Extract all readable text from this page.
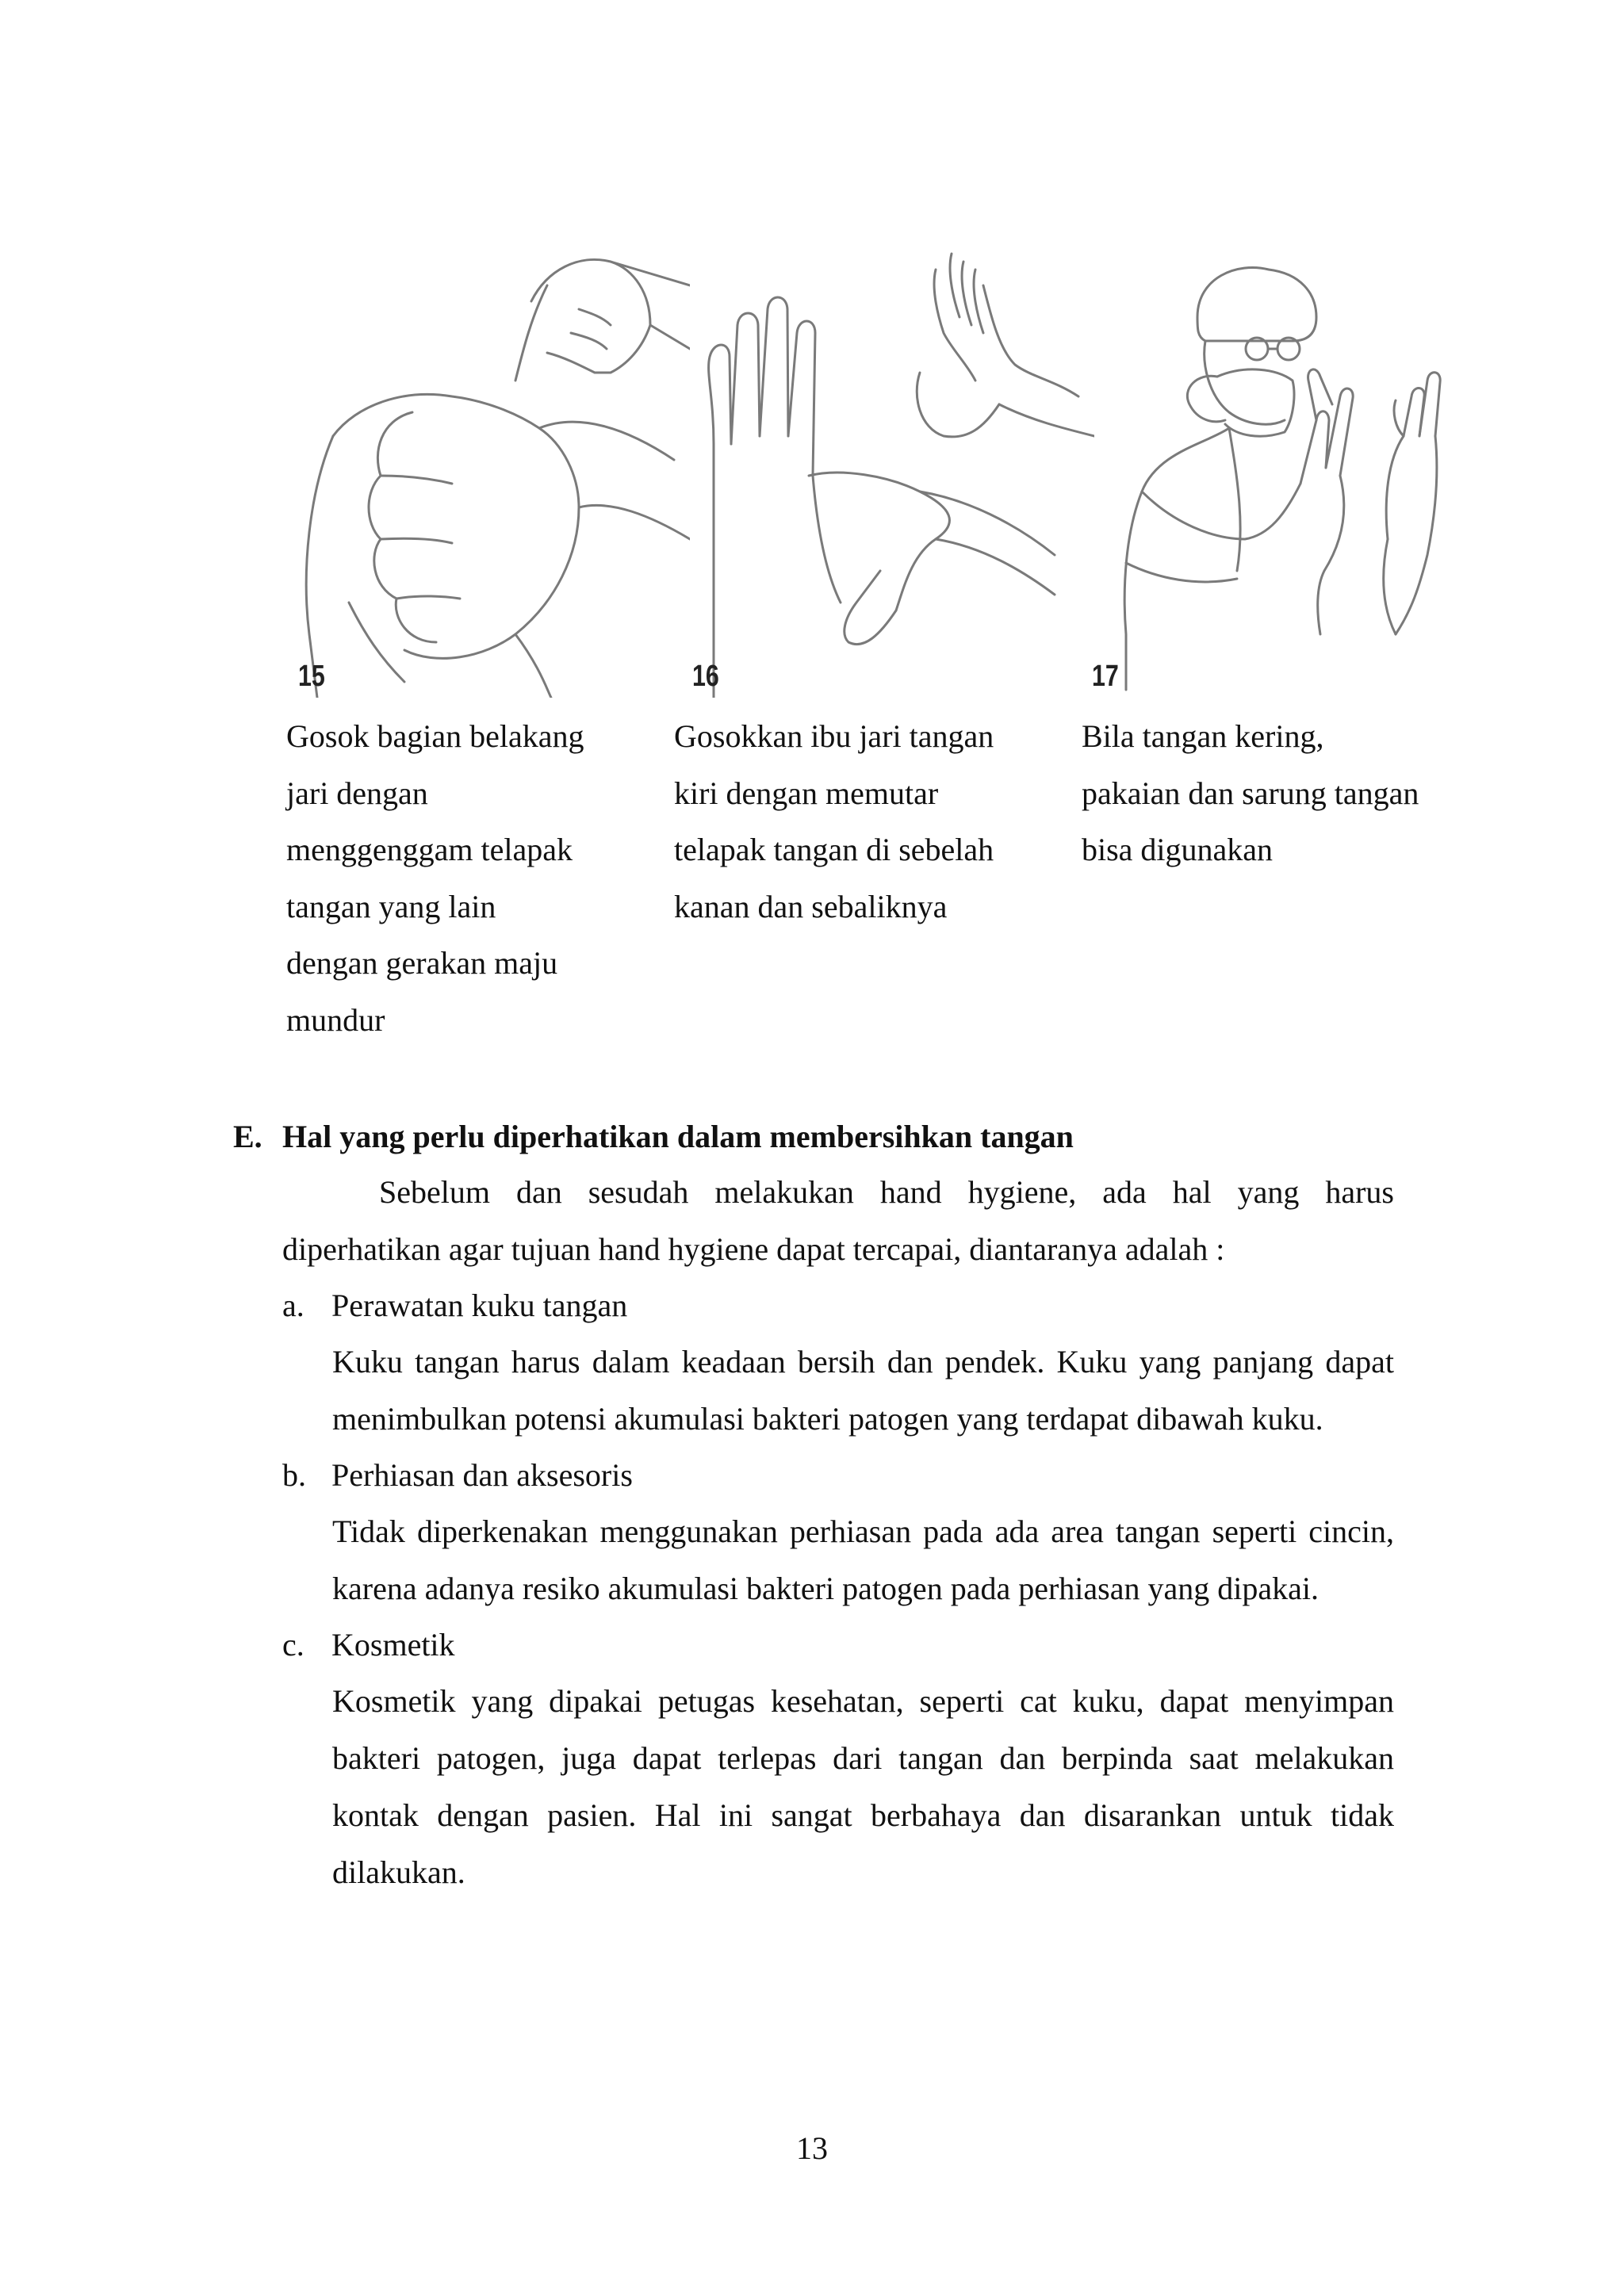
15	16	17
Gosok bagian belakang
jari dengan
menggenggam telapak
tangan yang lain
dengan gerakan maju
mundur
Gosokkan ibu jari tangan
kiri dengan memutar
telapak tangan di sebelah
kanan dan sebaliknya
Bila tangan kering,
pakaian dan sarung tangan
bisa digunakan
E. Hal yang perlu diperhatikan dalam membersihkan tangan
Sebelum dan sesudah melakukan hand hygiene, ada hal yang harus
diperhatikan agar tujuan hand hygiene dapat tercapai, diantaranya adalah :
a. Perawatan kuku tangan
Kuku tangan harus dalam keadaan bersih dan pendek. Kuku yang panjang dapat
menimbulkan potensi akumulasi bakteri patogen yang terdapat dibawah kuku.
b. Perhiasan dan aksesoris
Tidak diperkenakan menggunakan perhiasan pada ada area tangan seperti cincin,
karena adanya resiko akumulasi bakteri patogen pada perhiasan yang dipakai.
c. Kosmetik
Kosmetik yang dipakai petugas kesehatan, seperti cat kuku, dapat menyimpan
bakteri patogen, juga dapat terlepas dari tangan dan berpinda saat melakukan
kontak dengan pasien. Hal ini sangat berbahaya dan disarankan untuk tidak
dilakukan.
13
